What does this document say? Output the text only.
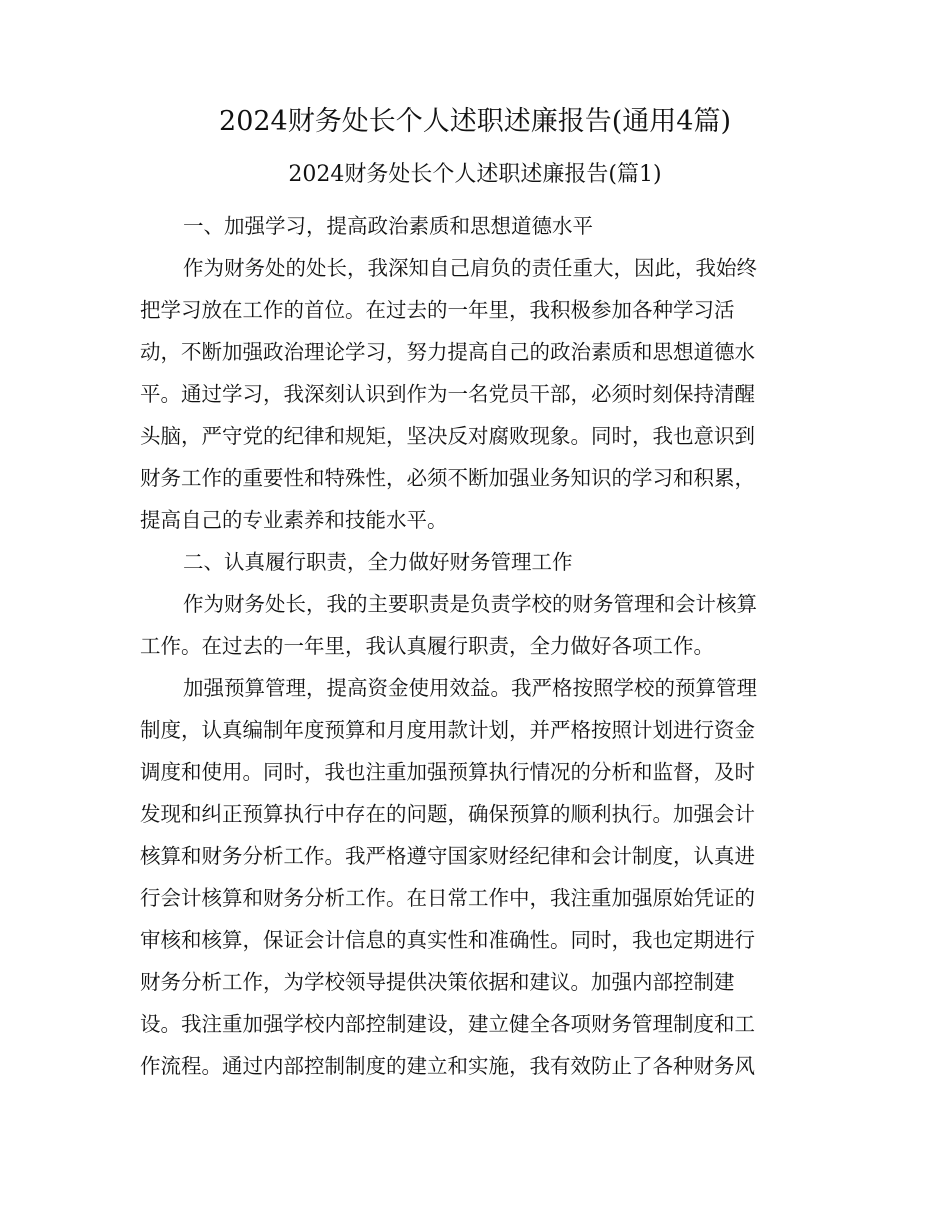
2024财务处长个人述职述廉报告(通用4篇)
2024财务处长个人述职述廉报告(篇1)
一、加强学习，提高政治素质和思想道德水平
作为财务处的处长，我深知自己肩负的责任重大，因此，我始终
把学习放在工作的首位。在过去的一年里，我积极参加各种学习活
动，不断加强政治理论学习，努力提高自己的政治素质和思想道德水
平。通过学习，我深刻认识到作为一名党员干部，必须时刻保持清醒
头脑，严守党的纪律和规矩，坚决反对腐败现象。同时，我也意识到
财务工作的重要性和特殊性，必须不断加强业务知识的学习和积累，
提高自己的专业素养和技能水平。
二、认真履行职责，全力做好财务管理工作
作为财务处长，我的主要职责是负责学校的财务管理和会计核算
工作。在过去的一年里，我认真履行职责，全力做好各项工作。
加强预算管理，提高资金使用效益。我严格按照学校的预算管理
制度，认真编制年度预算和月度用款计划，并严格按照计划进行资金
调度和使用。同时，我也注重加强预算执行情况的分析和监督，及时
发现和纠正预算执行中存在的问题，确保预算的顺利执行。加强会计
核算和财务分析工作。我严格遵守国家财经纪律和会计制度，认真进
行会计核算和财务分析工作。在日常工作中，我注重加强原始凭证的
审核和核算，保证会计信息的真实性和准确性。同时，我也定期进行
财务分析工作，为学校领导提供决策依据和建议。加强内部控制建
设。我注重加强学校内部控制建设，建立健全各项财务管理制度和工
作流程。通过内部控制制度的建立和实施，我有效防止了各种财务风
